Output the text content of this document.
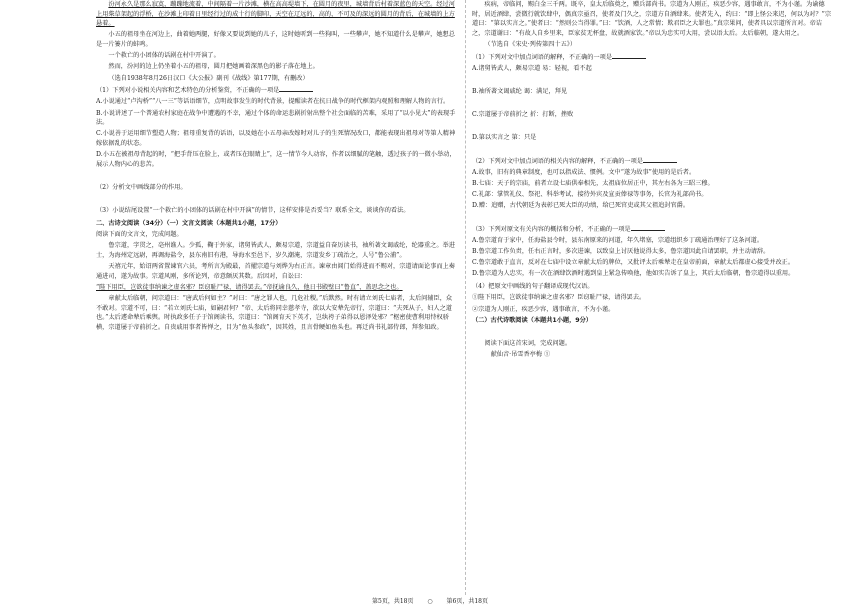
汾河永久是那么寂寞，蹦蹦地流着，中间隔着一片沙滩，横在高高堤墙下，在圆月的夜里，城墙背后村着深蓝色的天空。经过河上用柴草架起的浮桥，在沙滩上印着日里经行过的成十行的脚印，天空在辽远的，高的，不可及的深远的圆月的背后，在城墙的上方悬着。

小五的祖母坐在河边上，曲着她两腿，好像又要说到她的儿子，这时她听到一些狗叫，一些攀声，她不知道什么是攀声，她想总是一片篓片的蚌鸣。

一个救亡的小团体的话剧在村中开演了。

然而，汾河的边上仍坐着小五的祖母，圆月把她画着深黑色的影子落在地上。

（选自1938年8月26日汉口《大公报》副刊《战线》第177期，有删改）

（1）下列对小说相关内容和艺术特色的分析鉴赏，不正确的一项是

A.小说通过“卢沟桥”“八一三”等话语细节，点明故事发生的时代背景，提醒读者在抗日战争的时代框架内观照和理解人物的言行。

B.小说讲述了一个普通农村家庭在战争中遭遇的不幸，通过个体的命运悲剧折射出整个社会面临的苦难，采用了“以小见大”的表现手法。

C.小说善于运用细节塑造人物；祖母重复背的话语，以及她在小五母亲改嫁时对儿子的生死情况改口，都能表现出祖母对等第人精神嫁依据乱的状态。

D.小五在被祖母背起的时，“把手背压在脸上，或者压在眼睛上”，这一情节今人动容，作者以细腻的笔触，透过孩子的一微小举动，展示人物内心的悲苦。

（2）分析文中画线部分的作用。

（3）小说结尾设置“一个救亡的小团体的话剧在村中开演”的情节，这样安排是否妥当？联系全文，谈谈你的看法。

二、古诗文阅读（34分）（一）文言文阅读（本题共1小题，17分）

阅读下面的文言文，完成问题。

鲁宗道，字贯之，亳州谯人。少孤，鞠于外家，诸舅皆武人，颇易宗道，宗道益自奋厉读书，袖所著文谒戚纶，纶器重之。举进士，为海州定远尉，再调海盐令，县东南旧有港，导海水至邑下，岁久潮淹，宗道发乡丁疏治之，人号“鲁公浦”。

天禧元年，始诏两省置谏官六员，考所言为殿最，首擢宗道与刘烨为右正言。谏章由闾门始得进而不赐对，宗道请面论事而上奏通进司，遂为故事。宗道风刚，多所论列，帝意颇厌其数。后因对，自讼曰：

“陛下用臣，岂欲徒事纳谏之虚名邪？臣窃耻尸禄，请得罢去。”帝抚谕良久，他日书殿壁曰“鲁直”，盖思念之也。

章献太后临朝，问宗道曰：“唐武后何如主？”对曰：“唐之罪人也，几危社稷。”后默然。时有请立刘氏七庙者，太后问辅臣，众不敢对。宗道不可，曰：“若立刘氏七庙，如嗣君何？”帝、太后将同幸慈孝寺，欲以大安辇先帝行，宗道曰：“夫死从子，妇人之道也。”太后遽命辇后乘舆。时执政多任子于馆阁读书，宗道曰：“馆阁育天下英才，岂纨袴子弟得以恩泽处邪？”枢密使曹利用恃权骄横，宗道屡于帝前折之。自贵戚用事者皆惮之，目为“鱼头参政”，因其姓，且言骨鲠如鱼头也。再迁尚书礼部侍郎，拜参知政。

疾病，帝临问，赐白金三千两。既卒，皇太后临奠之，赠兵部尚书。宗道为人刚正，疾恶少容，遇事敢言，不为小谨。为谕德时，居近酒肆，尝微行就饮肆中，偶真宗亟召，使者及门久之，宗道方自酒肆来。使者先入，约曰：“即上怪公来迟，何以为对？”宗道曰：“第以实言之。”使者曰：“然则公当得罪。”曰：“饮酒，人之常情；欺君臣之大罪也。”真宗果问，使者具以宗道所言对。帝诘之，宗道谢曰：“有故人自乡里来，臣家贫无杯盘，故就酒家饮。”帝以为忠实可大用，尝以语太后。太后临朝，遂大用之。

（节选自《宋史·列传第四十五》）

（1）下列对文中加点词语的解释，不正确的一项是

A.诸舅皆武人，颇易宗道 易：轻视，看不起

B.袖所著文谒戚纶 谒：满足，拜见

C.宗道屡于帝前折之 折：打断，挫败

D.第以实言之 第：只是

（2）下列对文中加点词语的相关内容的解释，不正确的一项是

A.故事，旧有的典章制度，也可以指成法、惯例。文中“遂为故事”使用的是后者。

B.七庙：天子的宗庙，前者立设七庙供奉相先，太祖庙位居正中，其左右各为三昭三穆。

C.礼部：掌管礼仪、祭祀、科举考试、接待外宾及宣贡俸禄等事务，长官为礼部尚书。

D.赠：追赠，古代朝廷为表彰已死大臣的功绩，给已死官吏或其父祖追封官爵。

（3）下列对原文有关内容的概括和分析，不正确的一项是

A.鲁宗道育于家中，任海盐县令时，县东南原来的河道，年久堵塞，宗道组织乡丁疏通治理好了这条河道。

B.鲁宗道工作负责，任右正言时，多次进谏，以致皇上讨厌他说得太多，鲁宗道因此自请罢职，并主动请辞。

C.鲁宗道敢于直言，反对在七庙中设立章献太后的牌位，又批评太后乘辇走在皇帝前面，章献太后都虚心接受并改正。

D.鲁宗道为人忠实，有一次在酒肆饮酒时遇到皇上紧急传唤他，他如实告诉了皇上，其后太后临朝，鲁宗道得以重用。

（4）把原文中画线的句子翻译成现代汉语。

①陛下用臣，岂欲徒事纳谏之虚名邪？臣窃耻尸禄，请得罢去。

②宗道为人刚正，疾恶少容，遇事敢言，不为小谨。

（二）古代诗歌阅读（本题共1小题，9分）

阅读下面这首宋词，完成问题。

献仙音·吊雪香亭梅 ①

第5页，共18页 ○ 第6页，共18页
